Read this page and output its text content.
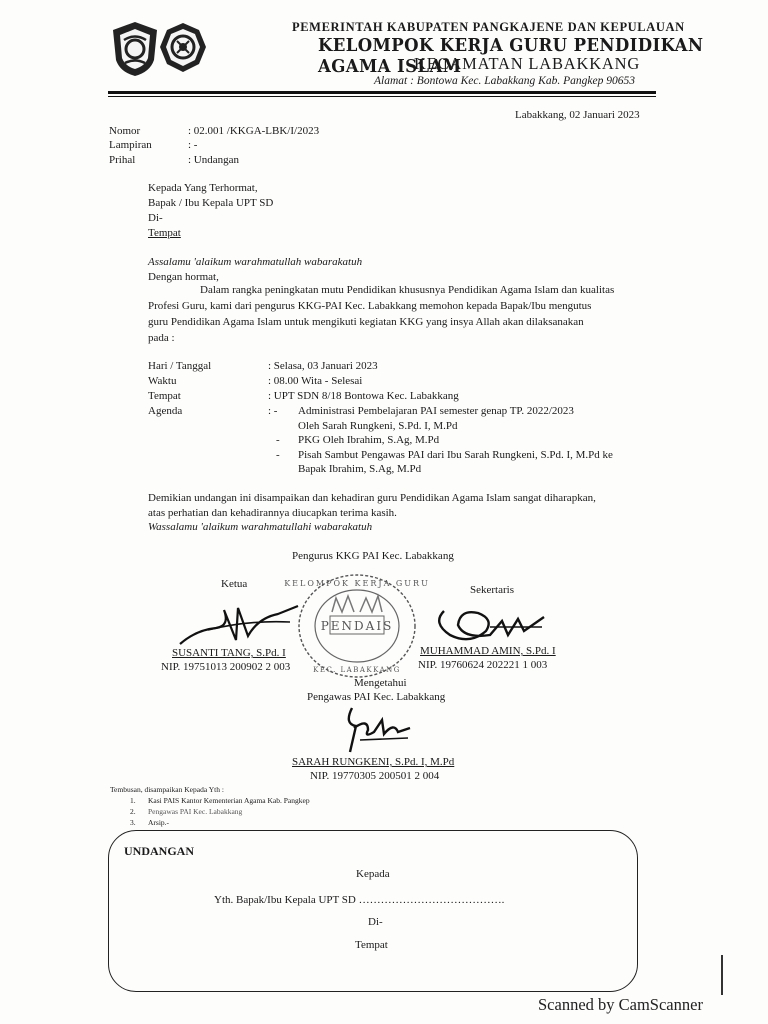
PEMERINTAH KABUPATEN PANGKAJENE DAN KEPULAUAN
KELOMPOK KERJA GURU PENDIDIKAN AGAMA ISLAM
KECAMATAN LABAKKANG
Alamat : Bontowa Kec. Labakkang Kab. Pangkep 90653
Labakkang, 02 Januari 2023
Nomor	: 02.001 /KKGA-LBK/I/2023
Lampiran	: -
Prihal	: Undangan
Kepada Yang Terhormat,
Bapak / Ibu Kepala UPT SD
Di-
Tempat
Assalamu 'alaikum warahmatullah wabarakatuh
Dengan hormat,
Dalam rangka peningkatan mutu Pendidikan khususnya Pendidikan Agama Islam dan kualitas
Profesi Guru, kami dari pengurus KKG-PAI Kec. Labakkang memohon kepada Bapak/Ibu mengutus
guru Pendidikan Agama Islam untuk mengikuti kegiatan KKG yang insya Allah akan dilaksanakan
pada :
Hari / Tanggal	: Selasa, 03 Januari 2023
Waktu	: 08.00 Wita - Selesai
Tempat	: UPT SDN 8/18 Bontowa Kec. Labakkang
Agenda	: - Administrasi Pembelajaran PAI semester genap TP. 2022/2023
Oleh Sarah Rungkeni, S.Pd. I, M.Pd
- PKG Oleh Ibrahim, S.Ag, M.Pd
- Pisah Sambut Pengawas PAI dari Ibu Sarah Rungkeni, S.Pd. I, M.Pd ke
Bapak Ibrahim, S.Ag, M.Pd
Demikian undangan ini disampaikan dan kehadiran guru Pendidikan Agama Islam sangat diharapkan,
atas perhatian dan kehadirannya diucapkan terima kasih.
Wassalamu 'alaikum warahmatullahi wabarakatuh
Pengurus KKG PAI Kec. Labakkang
Ketua	Sekertaris
KELOMPOK KERJA GURU
PENDAIS
KEC. LABAKKANG
SUSANTI TANG, S.Pd. I
NIP. 19751013 200902 2 003
MUHAMMAD AMIN, S.Pd. I
NIP. 19760624 202221 1 003
Mengetahui
Pengawas PAI Kec. Labakkang
SARAH RUNGKENI, S.Pd. I, M.Pd
NIP. 19770305 200501 2 004
Tembusan, disampaikan Kepada Yth :
1. Kasi PAIS Kantor Kementerian Agama Kab. Pangkep
2. Pengawas PAI Kec. Labakkang
3. Arsip.-
UNDANGAN
Kepada
Yth. Bapak/Ibu Kepala UPT SD ………………………………….
Di-
Tempat
Scanned by CamScanner
